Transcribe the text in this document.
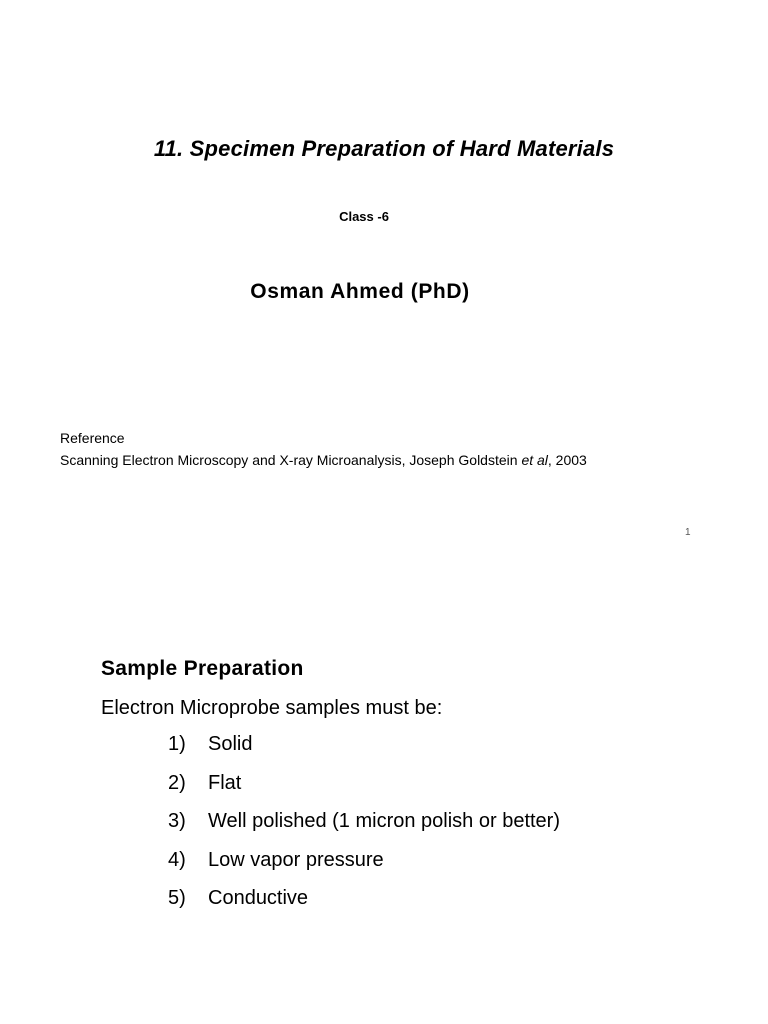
11. Specimen Preparation of Hard Materials
Class -6
Osman Ahmed (PhD)
Reference
Scanning Electron Microscopy and X-ray Microanalysis, Joseph Goldstein et al, 2003
1
Sample Preparation
Electron Microprobe samples must be:
1)	Solid
2)	Flat
3)	Well polished (1 micron polish or better)
4)	Low vapor pressure
5)	Conductive
